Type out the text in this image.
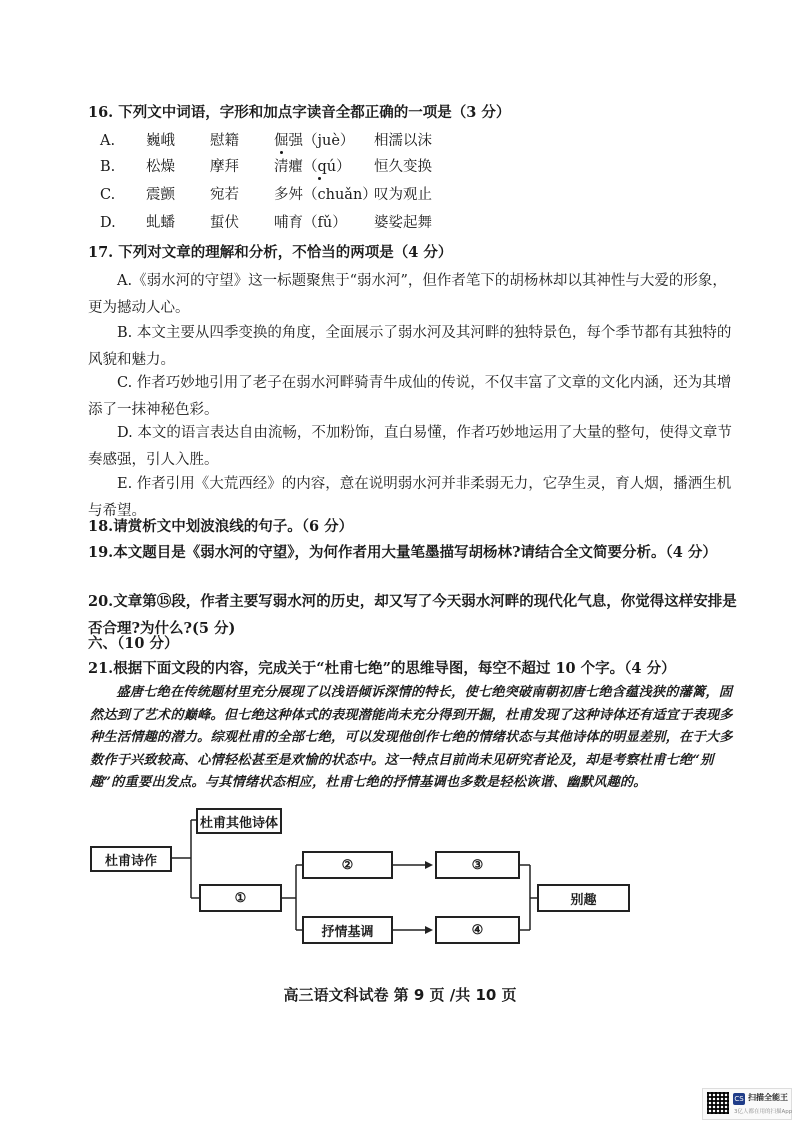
16. 下列文中词语，字形和加点字读音全都正确的一项是（3 分）
A. 巍峨 慰籍 倔强（juè） 相濡以沫
B. 松燥 摩拜 清癯（qú） 恒久变换
C. 震颤 宛若 多舛（chuǎn）叹为观止
D. 虬蟠 蜇伏 哺育（fǔ） 婆娑起舞
17. 下列对文章的理解和分析，不恰当的两项是（4 分）
A.《弱水河的守望》这一标题聚焦于“弱水河”，但作者笔下的胡杨林却以其神性与大爱的形象，更为撼动人心。
B. 本文主要从四季变换的角度，全面展示了弱水河及其河畔的独特景色，每个季节都有其独特的风貌和魅力。
C. 作者巧妙地引用了老子在弱水河畔骑青牛成仙的传说，不仅丰富了文章的文化内涵，还为其增添了一抹神秘色彩。
D. 本文的语言表达自由流畅，不加粉饰，直白易懂，作者巧妙地运用了大量的整句，使得文章节奏感强，引人入胜。
E. 作者引用《大荒西经》的内容，意在说明弱水河并非柔弱无力，它孕生灵，育人烟，播洒生机与希望。
18.请赏析文中划波浪线的句子。（6 分）
19.本文题目是《弱水河的守望》，为何作者用大量笔墨描写胡杨林?请结合全文简要分析。（4 分）
20.文章第⑮段，作者主要写弱水河的历史，却又写了今天弱水河畔的现代化气息，你觉得这样安排是否合理?为什么?(5 分)
六、（10 分）
21.根据下面文段的内容，完成关于“杜甫七绝”的思维导图，每空不超过 10 个字。（4 分）
盛唐七绝在传统题材里充分展现了以浅语倾诉深情的特长，使七绝突破南朝初唐七绝含蕴浅狭的藩篱，固然达到了艺术的巅峰。但七绝这种体式的表现潜能尚未充分得到开掘，杜甫发现了这种诗体还有适宜于表现多种生活情趣的潜力。综观杜甫的全部七绝，可以发现他创作七绝的情绪状态与其他诗体的明显差别，在于大多数作于兴致较高、心情轻松甚至是欢愉的状态中。这一特点目前尚未见研究者论及，却是考察杜甫七绝“别趣”的重要出发点。与其情绪状态相应，杜甫七绝的抒情基调也多数是轻松诙谐、幽默风趣的。
杜甫诗作
杜甫其他诗体
①
②
抒情基调
③
④
别趣
高三语文科试卷 第 9 页 /共 10 页
CS 扫描全能王
3亿人都在用的扫描App
